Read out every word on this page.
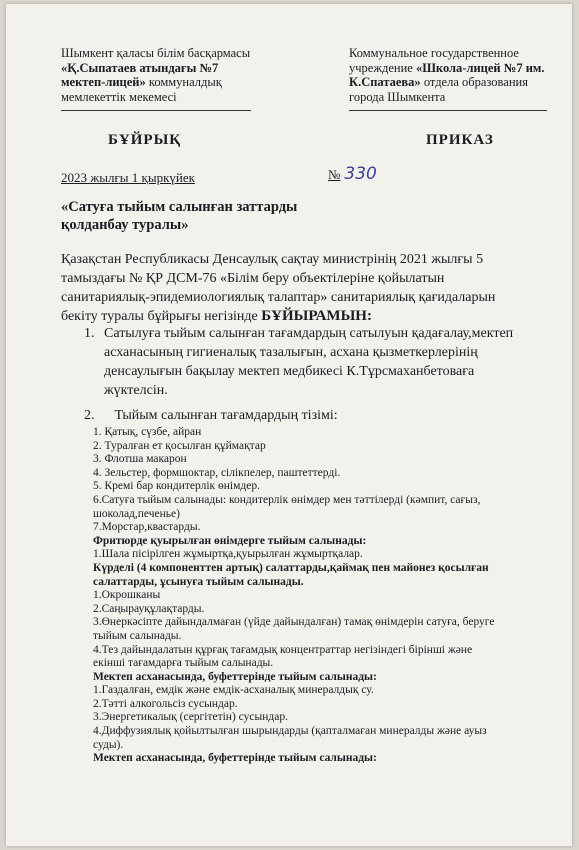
Шымкент қаласы білім басқармасы
«Қ.Сыпатаев атындағы №7
мектеп-лицей» коммуналдық
мемлекеттік мекемесі
Коммунальное государственное
учреждение «Школа-лицей №7 им.
К.Спатаева» отдела образования
города Шымкента
БҰЙРЫҚ	ПРИКАЗ
2023 жылғы 1 қыркүйек	№ 330
«Сатуға тыйым салынған заттарды
қолданбау туралы»
Қазақстан Республикасы Денсаулық сақтау министрінің 2021 жылғы 5
тамыздағы № ҚР ДСМ-76 «Білім беру объектілеріне қойылатын
санитариялық-эпидемиологиялық талаптар» санитариялық қағидаларын
бекіту туралы бұйрығы негізінде БҰЙЫРАМЫН:
1. Сатылуға тыйым салынған тағамдардың сатылуын қадағалау,мектеп
асханасының гигиеналық тазалығын, асхана қызметкерлерінің
денсаулығын бақылау мектеп медбикесі К.Тұрсмаханбетоваға
жүктелсін.
2. Тыйым салынған тағамдардың тізімі:

1. Қатық, сүзбе, айран

2. Туралған ет қосылған құймақтар

3. Флотша макарон

4. Зельстер, формшоктар, сілікпелер, паштеттерді.

5. Кремі бар кондитерлік өнімдер.

6.Сатуға тыйым салынады: кондитерлік өнімдер мен тәттілерді (кәмпит, сағыз,

шоколад,печенье)

7.Морстар,кваcтарды.

Фритюрде қуырылған өнімдерге тыйым салынады:

1.Шала пісірілген жұмыртқа,қуырылған жұмыртқалар.

Күрделі (4 компоненттен артық) салаттарды,қаймақ пен майонез қосылған

салаттарды, ұсынуға тыйым салынады.

1.Окрошканы

2.Саңырауқұлақтарды.

3.Өнеркәсіпте дайындалмаған (үйде дайындалған) тамақ өнімдерін сатуға, беруге

тыйым салынады.

4.Тез дайындалатын құрғақ тағамдық концентраттар негізіндегі бірінші және

екінші тағамдарға тыйым салынады.

Мектеп асханасында, буфеттерінде тыйым салынады:

1.Газдалған, емдік және емдік-асханалық минералдық су.

2.Тәтті алкогольсіз сусындар.

3.Энергетикалық (сергітетін) сусындар.

4.Диффузиялық қойылтылған шырындарды (қапталмаған минералды және ауыз

суды).

Мектеп асханасында, буфеттерінде тыйым салынады:
